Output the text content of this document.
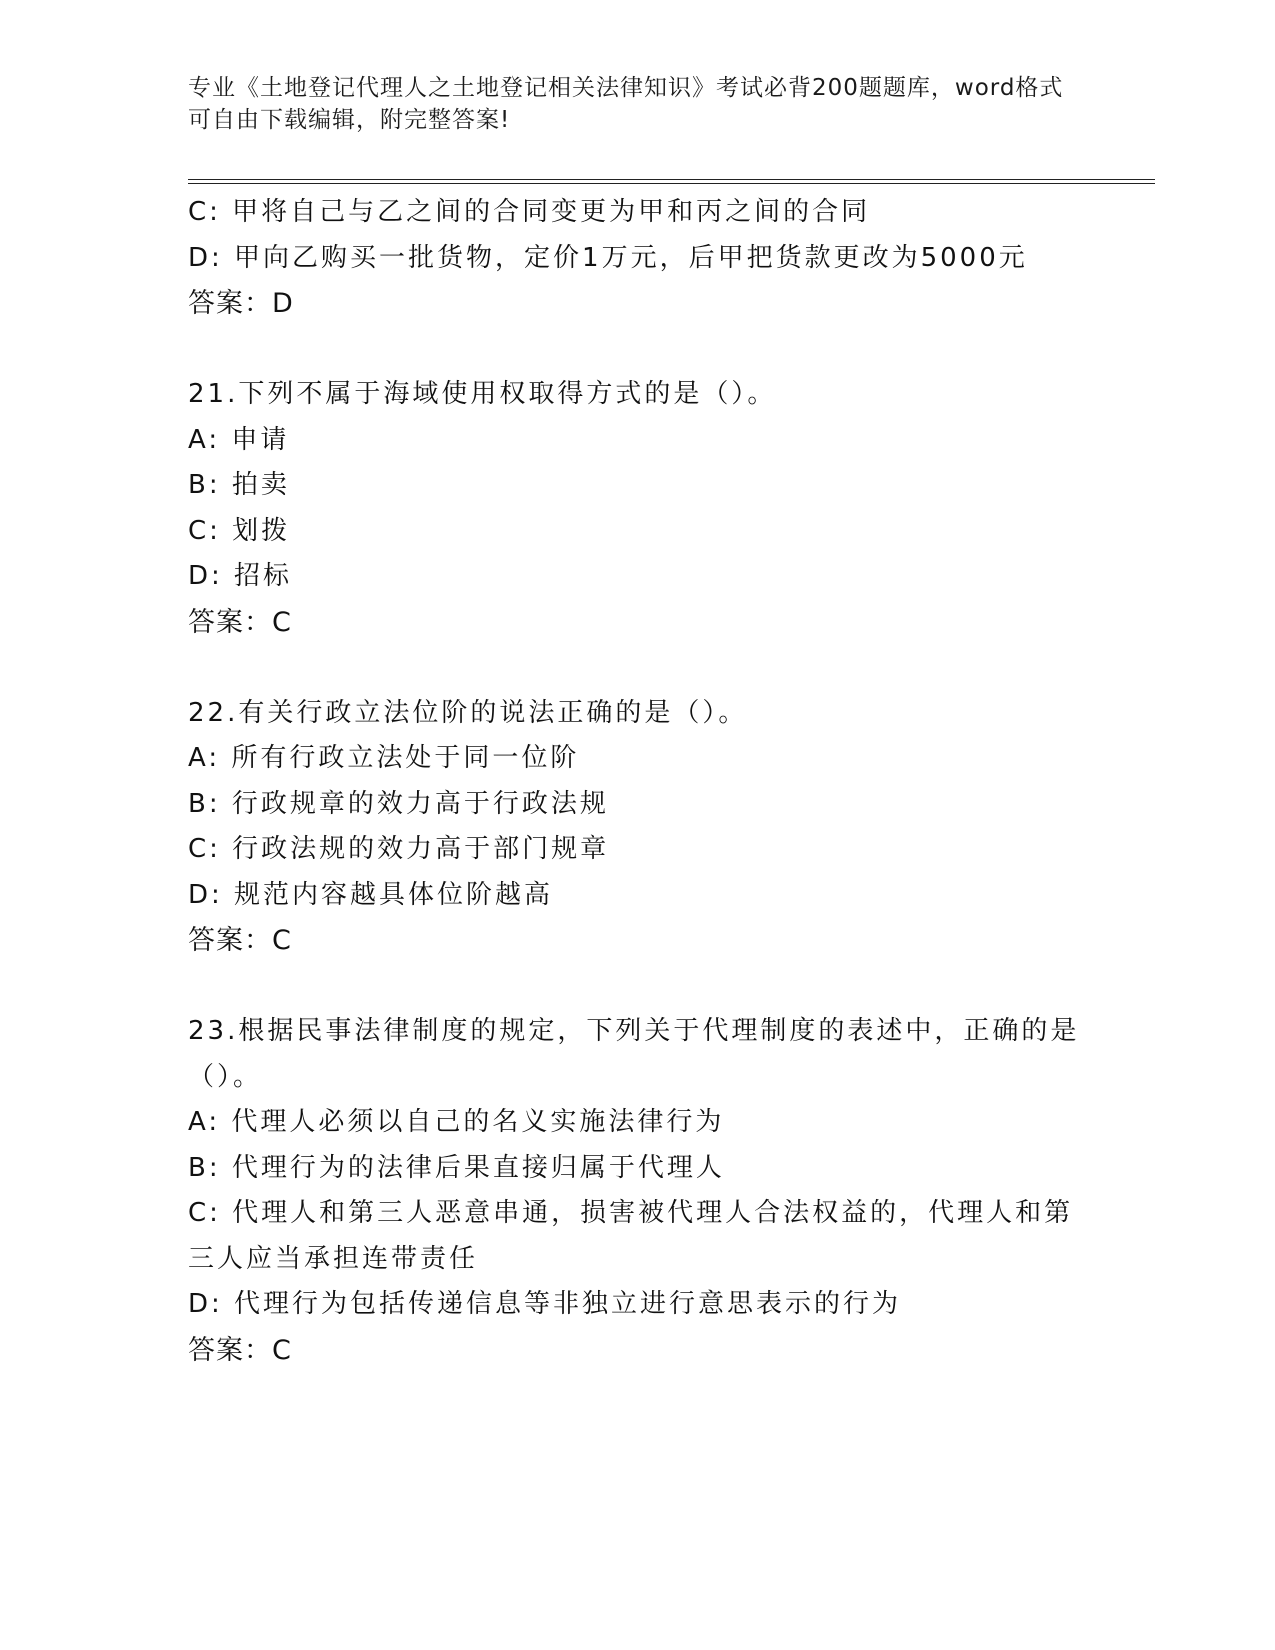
专业《土地登记代理人之土地登记相关法律知识》考试必背200题题库，word格式可自由下载编辑，附完整答案!
C: 甲将自己与乙之间的合同变更为甲和丙之间的合同
D: 甲向乙购买一批货物，定价1万元，后甲把货款更改为5000元
答案：D
21.下列不属于海域使用权取得方式的是（）。
A: 申请
B: 拍卖
C: 划拨
D: 招标
答案：C
22.有关行政立法位阶的说法正确的是（）。
A: 所有行政立法处于同一位阶
B: 行政规章的效力高于行政法规
C: 行政法规的效力高于部门规章
D: 规范内容越具体位阶越高
答案：C
23.根据民事法律制度的规定，下列关于代理制度的表述中，正确的是
（）。
A: 代理人必须以自己的名义实施法律行为
B: 代理行为的法律后果直接归属于代理人
C: 代理人和第三人恶意串通，损害被代理人合法权益的，代理人和第
三人应当承担连带责任
D: 代理行为包括传递信息等非独立进行意思表示的行为
答案：C
